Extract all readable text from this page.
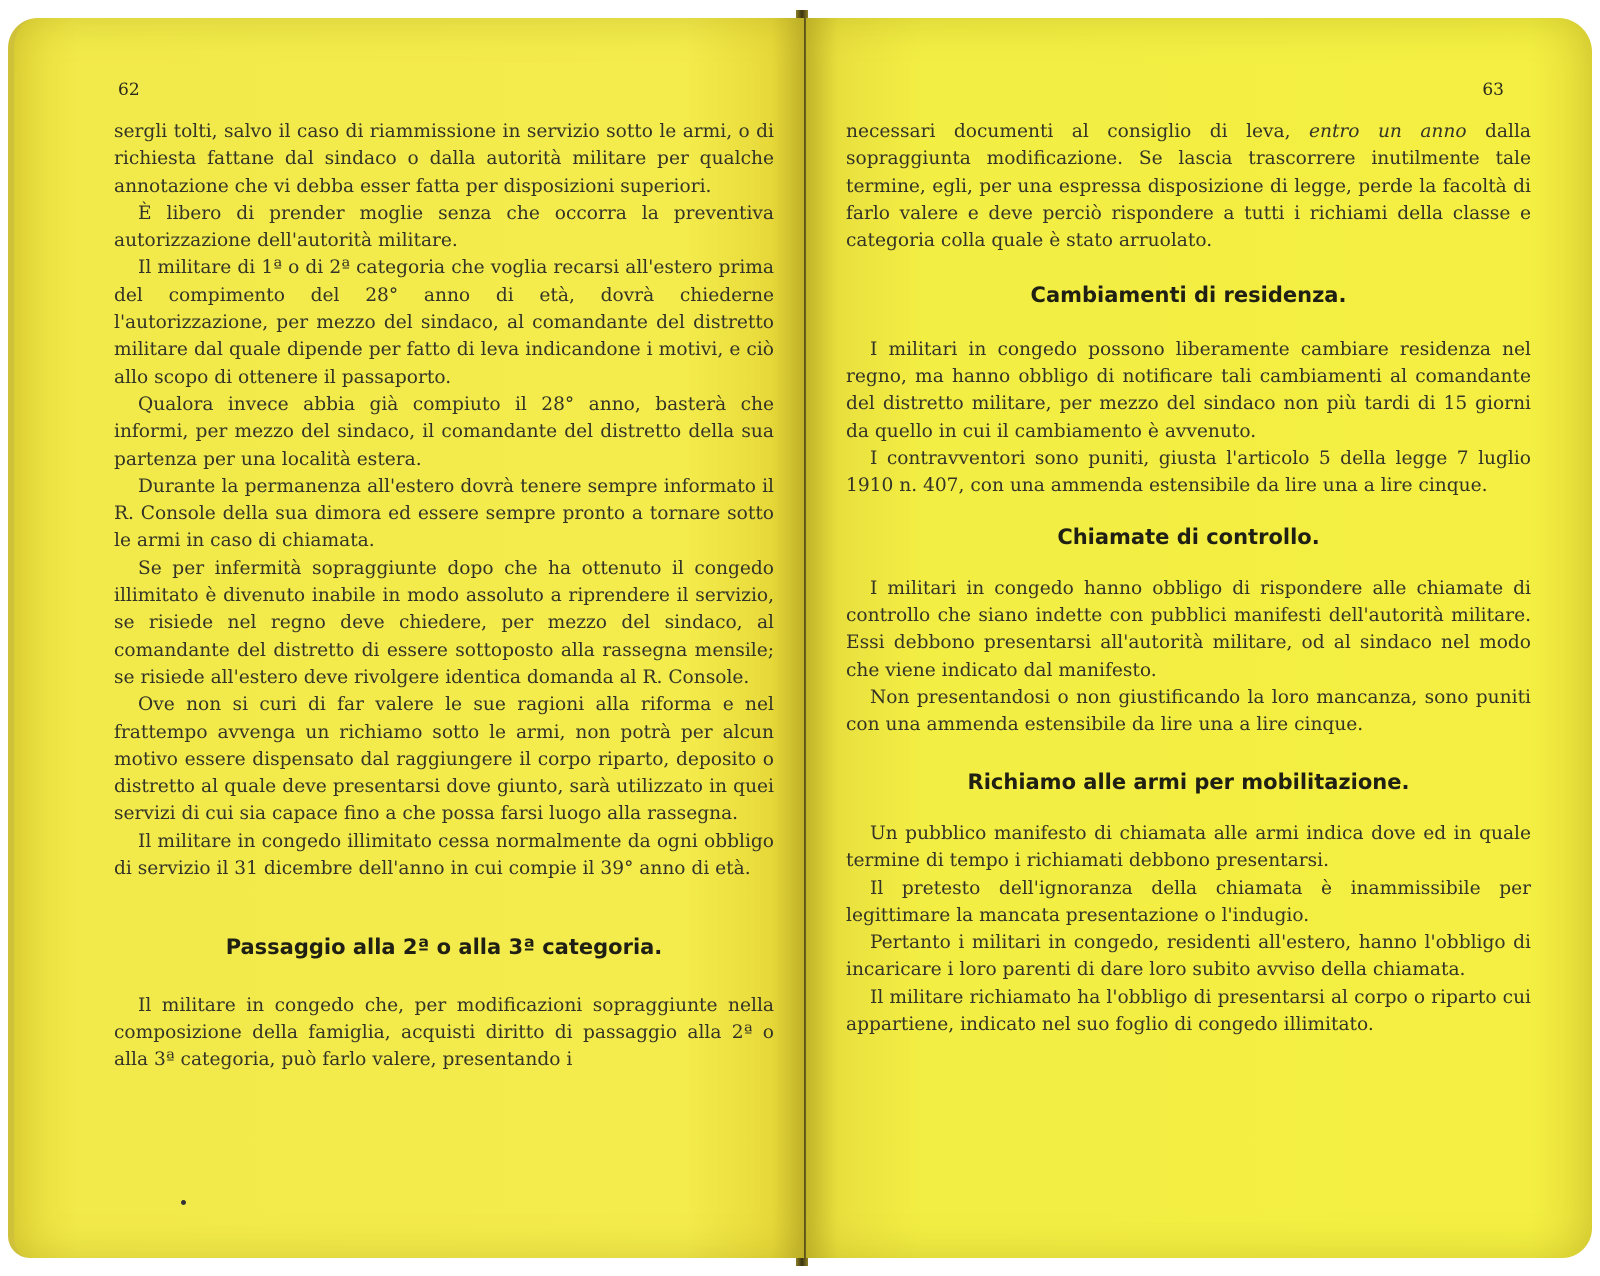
62

sergli tolti, salvo il caso di riammissione in servizio sotto le armi, o di richiesta fattane dal sindaco o dalla autorità militare per qualche annotazione che vi debba esser fatta per disposizioni superiori.

È libero di prender moglie senza che occorra la preventiva autorizzazione dell'autorità militare.

Il militare di 1ª o di 2ª categoria che voglia recarsi all'estero prima del compimento del 28° anno di età, dovrà chiederne l'autorizzazione, per mezzo del sindaco, al comandante del distretto militare dal quale dipende per fatto di leva indicandone i motivi, e ciò allo scopo di ottenere il passaporto.

Qualora invece abbia già compiuto il 28° anno, basterà che informi, per mezzo del sindaco, il comandante del distretto della sua partenza per una località estera.

Durante la permanenza all'estero dovrà tenere sempre informato il R. Console della sua dimora ed essere sempre pronto a tornare sotto le armi in caso di chiamata.

Se per infermità sopraggiunte dopo che ha ottenuto il congedo illimitato è divenuto inabile in modo assoluto a riprendere il servizio, se risiede nel regno deve chiedere, per mezzo del sindaco, al comandante del distretto di essere sottoposto alla rassegna mensile; se risiede all'estero deve rivolgere identica domanda al R. Console.

Ove non si curi di far valere le sue ragioni alla riforma e nel frattempo avvenga un richiamo sotto le armi, non potrà per alcun motivo essere dispensato dal raggiungere il corpo riparto, deposito o distretto al quale deve presentarsi dove giunto, sarà utilizzato in quei servizi di cui sia capace fino a che possa farsi luogo alla rassegna.

Il militare in congedo illimitato cessa normalmente da ogni obbligo di servizio il 31 dicembre dell'anno in cui compie il 39° anno di età.

Passaggio alla 2ª o alla 3ª categoria.

Il militare in congedo che, per modificazioni sopraggiunte nella composizione della famiglia, acquisti diritto di passaggio alla 2ª o alla 3ª categoria, può farlo valere, presentando i

63

necessari documenti al consiglio di leva, entro un anno dalla sopraggiunta modificazione. Se lascia trascorrere inutilmente tale termine, egli, per una espressa disposizione di legge, perde la facoltà di farlo valere e deve perciò rispondere a tutti i richiami della classe e categoria colla quale è stato arruolato.

Cambiamenti di residenza.

I militari in congedo possono liberamente cambiare residenza nel regno, ma hanno obbligo di notificare tali cambiamenti al comandante del distretto militare, per mezzo del sindaco non più tardi di 15 giorni da quello in cui il cambiamento è avvenuto.

I contravventori sono puniti, giusta l'articolo 5 della legge 7 luglio 1910 n. 407, con una ammenda estensibile da lire una a lire cinque.

Chiamate di controllo.

I militari in congedo hanno obbligo di rispondere alle chiamate di controllo che siano indette con pubblici manifesti dell'autorità militare. Essi debbono presentarsi all'autorità militare, od al sindaco nel modo che viene indicato dal manifesto.

Non presentandosi o non giustificando la loro mancanza, sono puniti con una ammenda estensibile da lire una a lire cinque.

Richiamo alle armi per mobilitazione.

Un pubblico manifesto di chiamata alle armi indica dove ed in quale termine di tempo i richiamati debbono presentarsi.

Il pretesto dell'ignoranza della chiamata è inammissibile per legittimare la mancata presentazione o l'indugio.

Pertanto i militari in congedo, residenti all'estero, hanno l'obbligo di incaricare i loro parenti di dare loro subito avviso della chiamata.

Il militare richiamato ha l'obbligo di presentarsi al corpo o riparto cui appartiene, indicato nel suo foglio di congedo illimitato.
